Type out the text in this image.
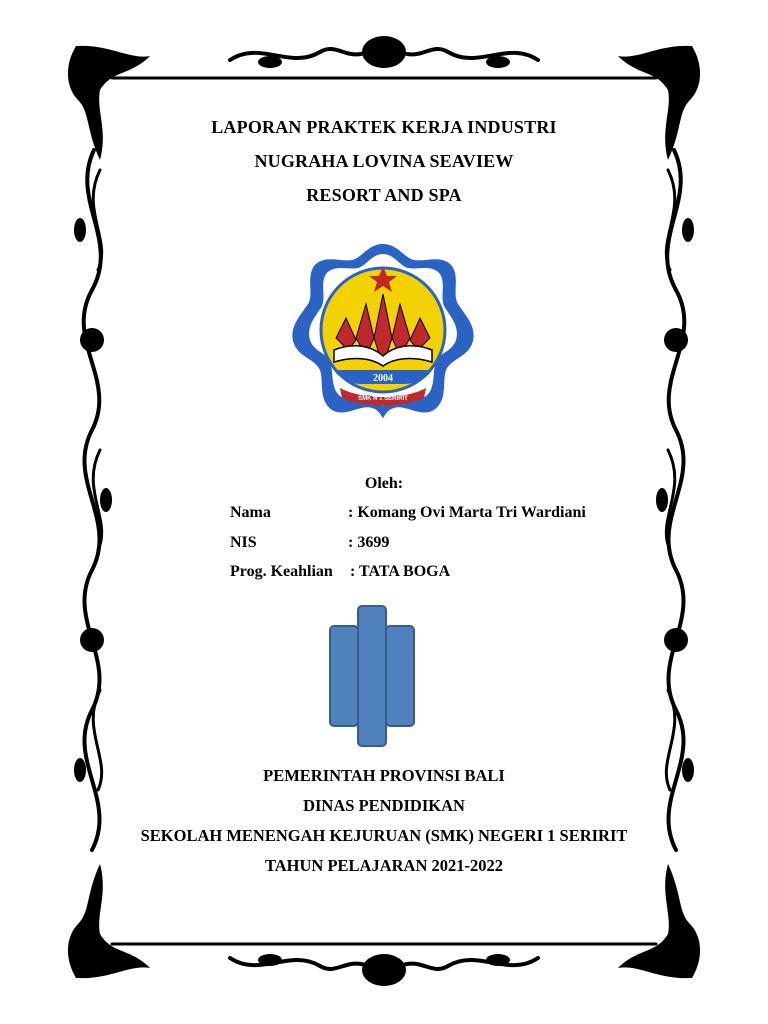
LAPORAN PRAKTEK KERJA INDUSTRI
NUGRAHA LOVINA SEAVIEW
RESORT AND SPA
2004
SMK N 1 SERIRIT
Oleh:
Nama	: Komang Ovi Marta Tri Wardiani
NIS	: 3699
Prog. Keahlian : TATA BOGA
PEMERINTAH PROVINSI BALI
DINAS PENDIDIKAN
SEKOLAH MENENGAH KEJURUAN (SMK) NEGERI 1 SERIRIT
TAHUN PELAJARAN 2021-2022
